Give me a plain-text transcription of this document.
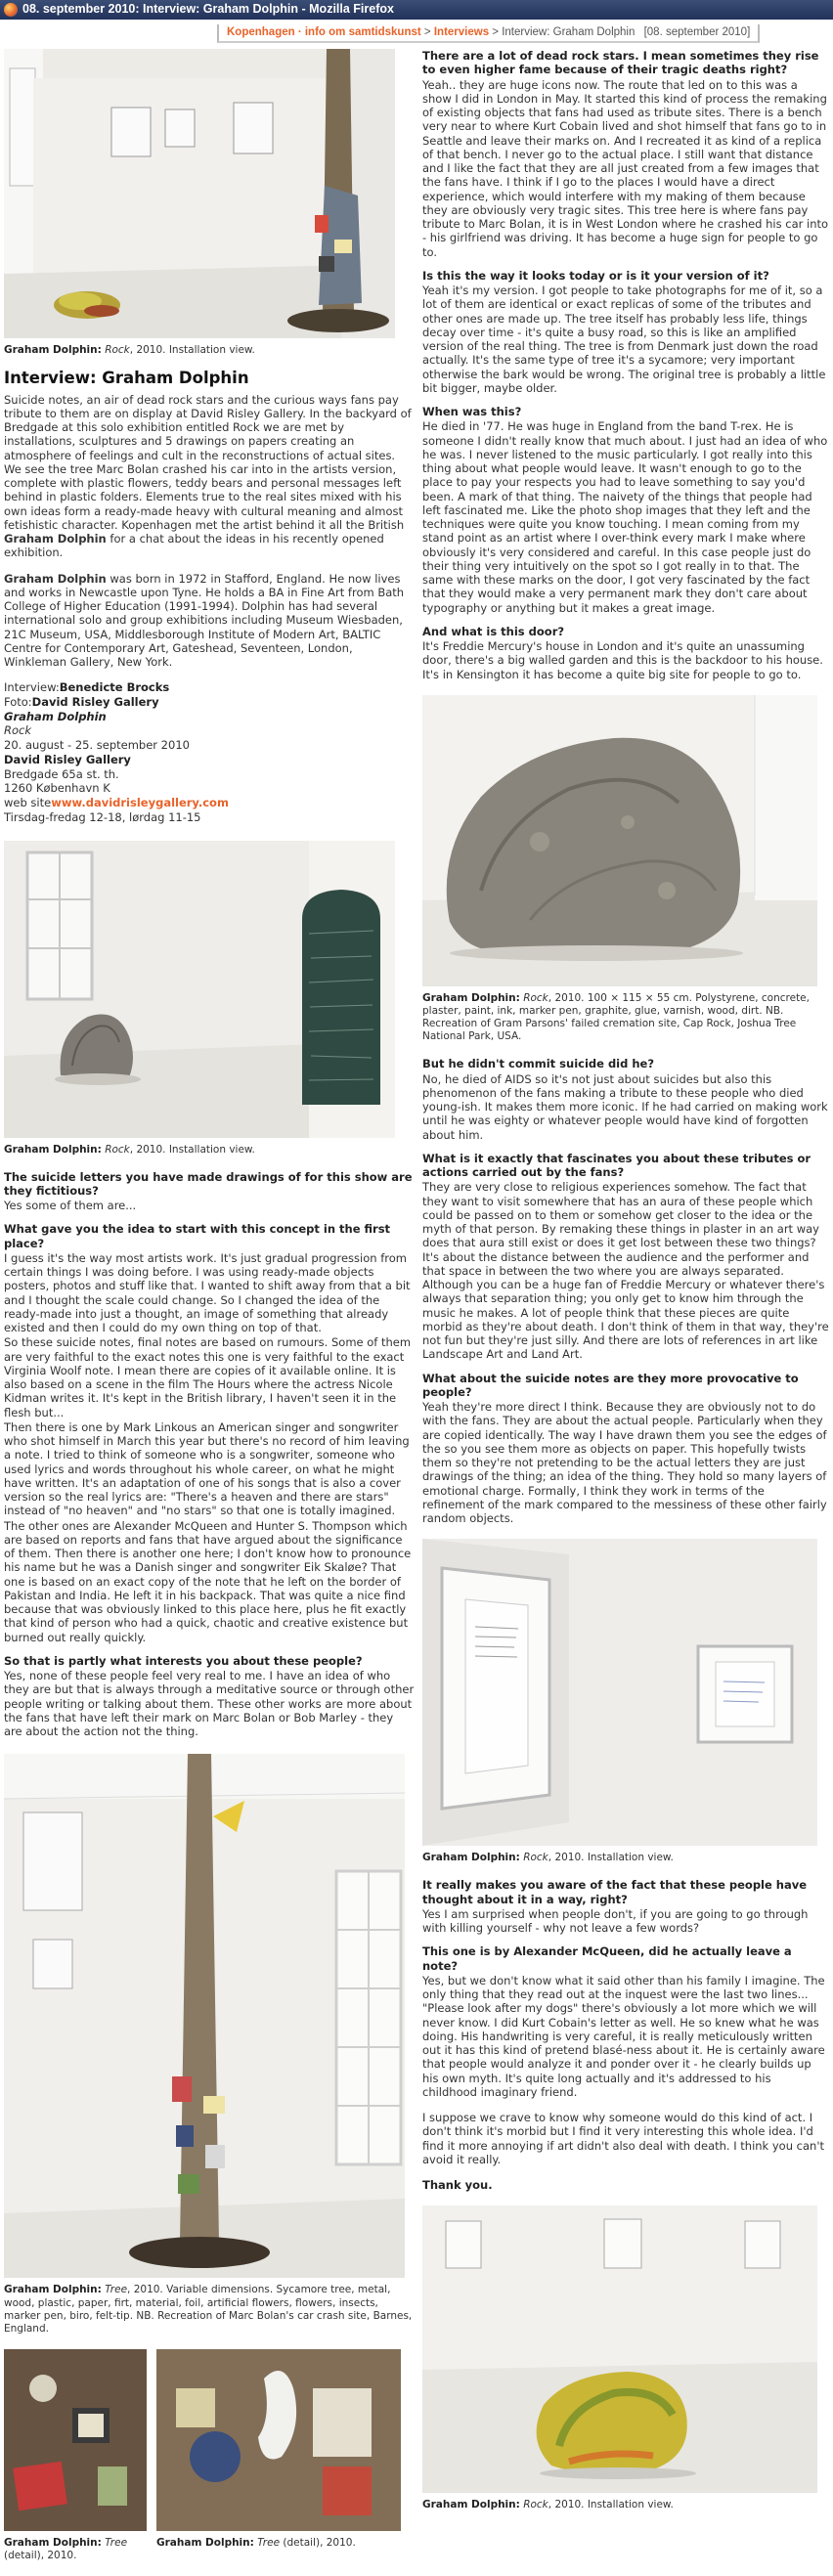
08. september 2010: Interview: Graham Dolphin - Mozilla Firefox
Kopenhagen · info om samtidskunst > Interviews > Interview: Graham Dolphin [08. september 2010]

Graham Dolphin: Rock, 2010. Installation view.

Interview: Graham Dolphin

Suicide notes, an air of dead rock stars and the curious ways fans pay tribute to them are on display at David Risley Gallery. In the backyard of Bredgade at this solo exhibition entitled Rock we are met by installations, sculptures and 5 drawings on papers creating an atmosphere of feelings and cult in the reconstructions of actual sites. We see the tree Marc Bolan crashed his car into in the artists version, complete with plastic flowers, teddy bears and personal messages left behind in plastic folders. Elements true to the real sites mixed with his own ideas form a ready-made heavy with cultural meaning and almost fetishistic character. Kopenhagen met the artist behind it all the British Graham Dolphin for a chat about the ideas in his recently opened exhibition.

Graham Dolphin was born in 1972 in Stafford, England. He now lives and works in Newcastle upon Tyne. He holds a BA in Fine Art from Bath College of Higher Education (1991-1994). Dolphin has had several international solo and group exhibitions including Museum Wiesbaden, 21C Museum, USA, Middlesborough Institute of Modern Art, BALTIC Centre for Contemporary Art, Gateshead, Seventeen, London, Winkleman Gallery, New York.

Interview:Benedicte Brocks
Foto:David Risley Gallery
Graham Dolphin
Rock
20. august - 25. september 2010
David Risley Gallery
Bredgade 65a st. th.
1260 København K
web sitewww.davidrisleygallery.com
Tirsdag-fredag 12-18, lørdag 11-15

Graham Dolphin: Rock, 2010. Installation view.

The suicide letters you have made drawings of for this show are they fictitious?

Yes some of them are...

What gave you the idea to start with this concept in the first place?

I guess it's the way most artists work. It's just gradual progression from certain things I was doing before. I was using ready-made objects posters, photos and stuff like that. I wanted to shift away from that a bit and I thought the scale could change. So I changed the idea of the ready-made into just a thought, an image of something that already existed and then I could do my own thing on top of that.

So these suicide notes, final notes are based on rumours. Some of them are very faithful to the exact notes this one is very faithful to the exact Virginia Woolf note. I mean there are copies of it available online. It is also based on a scene in the film The Hours where the actress Nicole Kidman writes it. It's kept in the British library, I haven't seen it in the flesh but...

Then there is one by Mark Linkous an American singer and songwriter who shot himself in March this year but there's no record of him leaving a note. I tried to think of someone who is a songwriter, someone who used lyrics and words throughout his whole career, on what he might have written. It's an adaptation of one of his songs that is also a cover version so the real lyrics are: "There's a heaven and there are stars" instead of "no heaven" and "no stars" so that one is totally imagined.

The other ones are Alexander McQueen and Hunter S. Thompson which are based on reports and fans that have argued about the significance of them. Then there is another one here; I don't know how to pronounce his name but he was a Danish singer and songwriter Eik Skaløe? That one is based on an exact copy of the note that he left on the border of Pakistan and India. He left it in his backpack. That was quite a nice find because that was obviously linked to this place here, plus he fit exactly that kind of person who had a quick, chaotic and creative existence but burned out really quickly.

So that is partly what interests you about these people?

Yes, none of these people feel very real to me. I have an idea of who they are but that is always through a meditative source or through other people writing or talking about them. These other works are more about the fans that have left their mark on Marc Bolan or Bob Marley - they are about the action not the thing.

Graham Dolphin: Tree, 2010. Variable dimensions. Sycamore tree, metal, wood, plastic, paper, firt, material, foil, artificial flowers, flowers, insects, marker pen, biro, felt-tip. NB. Recreation of Marc Bolan's car crash site, Barnes, England.

Graham Dolphin: Tree (detail), 2010.

Graham Dolphin: Tree (detail), 2010.

There are a lot of dead rock stars. I mean sometimes they rise to even higher fame because of their tragic deaths right?

Yeah.. they are huge icons now. The route that led on to this was a show I did in London in May. It started this kind of process the remaking of existing objects that fans had used as tribute sites. There is a bench very near to where Kurt Cobain lived and shot himself that fans go to in Seattle and leave their marks on. And I recreated it as kind of a replica of that bench. I never go to the actual place. I still want that distance and I like the fact that they are all just created from a few images that the fans have. I think if I go to the places I would have a direct experience, which would interfere with my making of them because they are obviously very tragic sites. This tree here is where fans pay tribute to Marc Bolan, it is in West London where he crashed his car into - his girlfriend was driving. It has become a huge sign for people to go to.

Is this the way it looks today or is it your version of it?

Yeah it's my version. I got people to take photographs for me of it, so a lot of them are identical or exact replicas of some of the tributes and other ones are made up. The tree itself has probably less life, things decay over time - it's quite a busy road, so this is like an amplified version of the real thing. The tree is from Denmark just down the road actually. It's the same type of tree it's a sycamore; very important otherwise the bark would be wrong. The original tree is probably a little bit bigger, maybe older.

When was this?

He died in '77. He was huge in England from the band T-rex. He is someone I didn't really know that much about. I just had an idea of who he was. I never listened to the music particularly. I got really into this thing about what people would leave. It wasn't enough to go to the place to pay your respects you had to leave something to say you'd been. A mark of that thing. The naivety of the things that people had left fascinated me. Like the photo shop images that they left and the techniques were quite you know touching. I mean coming from my stand point as an artist where I over-think every mark I make where obviously it's very considered and careful. In this case people just do their thing very intuitively on the spot so I got really in to that. The same with these marks on the door, I got very fascinated by the fact that they would make a very permanent mark they don't care about typography or anything but it makes a great image.

And what is this door?

It's Freddie Mercury's house in London and it's quite an unassuming door, there's a big walled garden and this is the backdoor to his house. It's in Kensington it has become a quite big site for people to go to.

Graham Dolphin: Rock, 2010. 100 × 115 × 55 cm. Polystyrene, concrete, plaster, paint, ink, marker pen, graphite, glue, varnish, wood, dirt. NB. Recreation of Gram Parsons' failed cremation site, Cap Rock, Joshua Tree National Park, USA.

But he didn't commit suicide did he?

No, he died of AIDS so it's not just about suicides but also this phenomenon of the fans making a tribute to these people who died young-ish. It makes them more iconic. If he had carried on making work until he was eighty or whatever people would have kind of forgotten about him.

What is it exactly that fascinates you about these tributes or actions carried out by the fans?

They are very close to religious experiences somehow. The fact that they want to visit somewhere that has an aura of these people which could be passed on to them or somehow get closer to the idea or the myth of that person. By remaking these things in plaster in an art way does that aura still exist or does it get lost between these two things? It's about the distance between the audience and the performer and that space in between the two where you are always separated. Although you can be a huge fan of Freddie Mercury or whatever there's always that separation thing; you only get to know him through the music he makes. A lot of people think that these pieces are quite morbid as they're about death. I don't think of them in that way, they're not fun but they're just silly. And there are lots of references in art like Landscape Art and Land Art.

What about the suicide notes are they more provocative to people?

Yeah they're more direct I think. Because they are obviously not to do with the fans. They are about the actual people. Particularly when they are copied identically. The way I have drawn them you see the edges of the so you see them more as objects on paper. This hopefully twists them so they're not pretending to be the actual letters they are just drawings of the thing; an idea of the thing. They hold so many layers of emotional charge. Formally, I think they work in terms of the refinement of the mark compared to the messiness of these other fairly random objects.

Graham Dolphin: Rock, 2010. Installation view.

It really makes you aware of the fact that these people have thought about it in a way, right?

Yes I am surprised when people don't, if you are going to go through with killing yourself - why not leave a few words?

This one is by Alexander McQueen, did he actually leave a note?

Yes, but we don't know what it said other than his family I imagine. The only thing that they read out at the inquest were the last two lines... "Please look after my dogs" there's obviously a lot more which we will never know. I did Kurt Cobain's letter as well. He so knew what he was doing. His handwriting is very careful, it is really meticulously written out it has this kind of pretend blasé-ness about it. He is certainly aware that people would analyze it and ponder over it - he clearly builds up his own myth. It's quite long actually and it's addressed to his childhood imaginary friend.

I suppose we crave to know why someone would do this kind of act. I don't think it's morbid but I find it very interesting this whole idea. I'd find it more annoying if art didn't also deal with death. I think you can't avoid it really.

Thank you.

Graham Dolphin: Rock, 2010. Installation view.
